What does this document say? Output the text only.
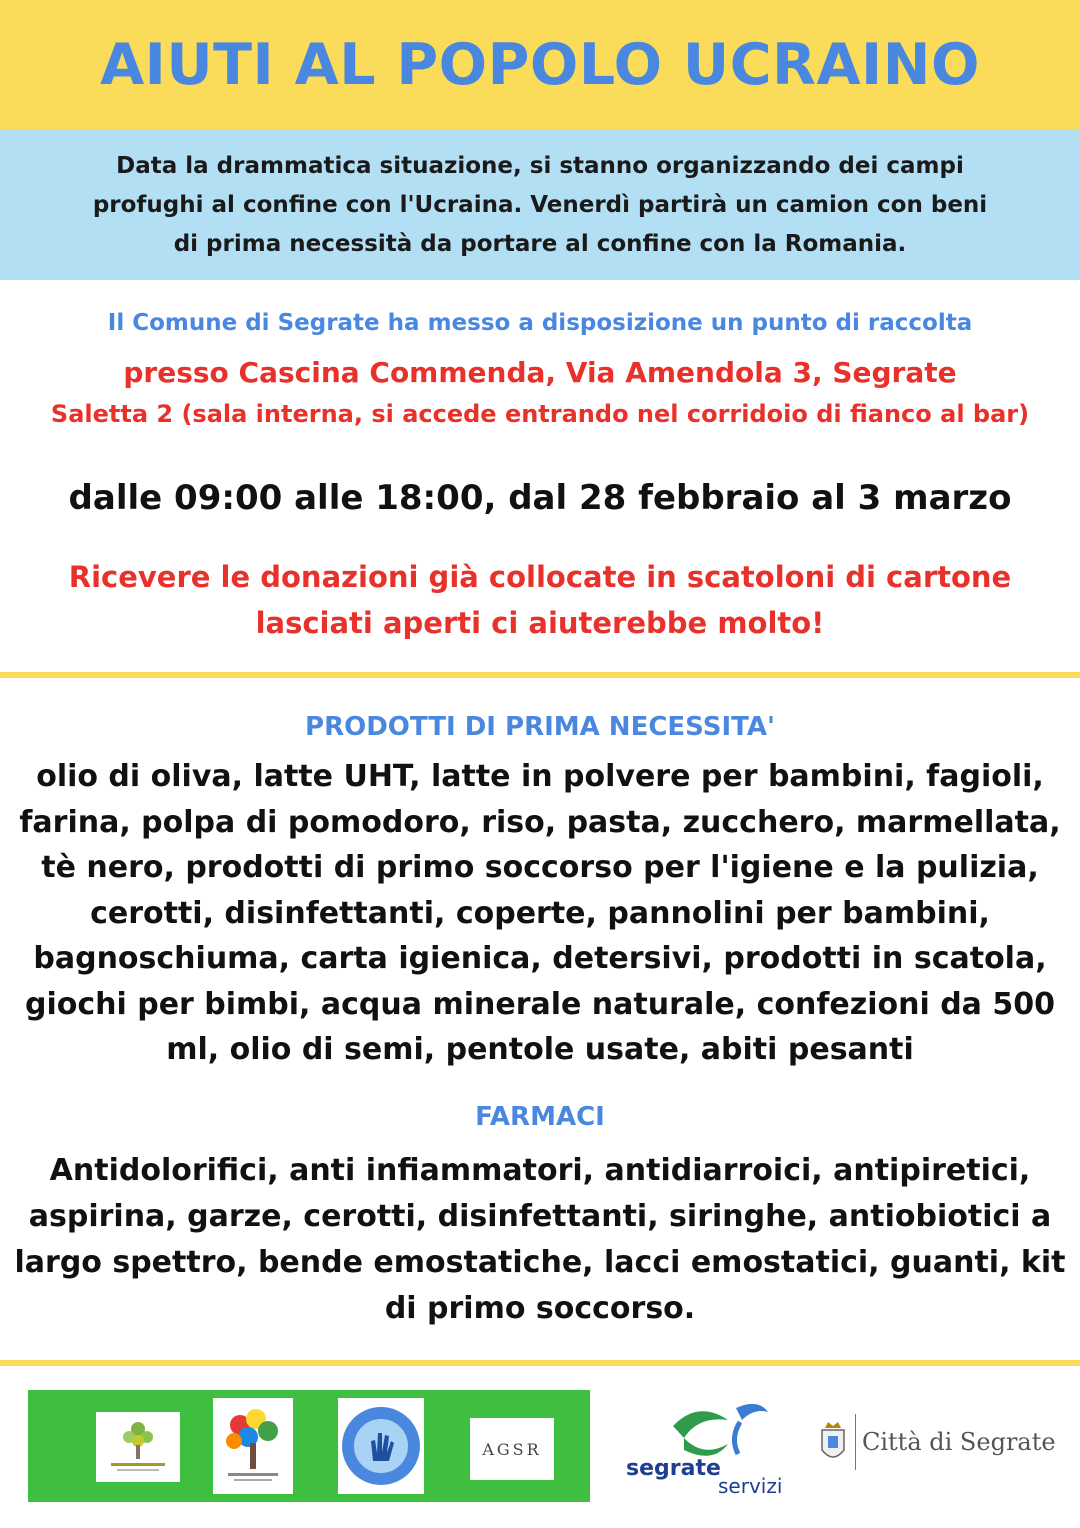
AIUTI AL POPOLO UCRAINO

Data la drammatica situazione, si stanno organizzando dei campi

profughi al confine con l'Ucraina. Venerdì partirà un camion con beni

di prima necessità da portare al confine con la Romania.

Il Comune di Segrate ha messo a disposizione un punto di raccolta

presso Cascina Commenda, Via Amendola 3, Segrate

Saletta 2 (sala interna, si accede entrando nel corridoio di fianco al bar)

dalle 09:00 alle 18:00, dal 28 febbraio al 3 marzo

Ricevere le donazioni già collocate in scatoloni di cartone

lasciati aperti ci aiuterebbe molto!

PRODOTTI DI PRIMA NECESSITA'

olio di oliva, latte UHT, latte in polvere per bambini, fagioli,
farina, polpa di pomodoro, riso, pasta, zucchero, marmellata,
tè nero, prodotti di primo soccorso per l'igiene e la pulizia,
cerotti, disinfettanti, coperte, pannolini per bambini,
bagnoschiuma, carta igienica, detersivi, prodotti in scatola,
giochi per bimbi, acqua minerale naturale, confezioni da 500
ml, olio di semi, pentole usate, abiti pesanti

FARMACI

Antidolorifici, anti infiammatori, antidiarroici, antipiretici,
aspirina, garze, cerotti, disinfettanti, siringhe, antiobiotici a
largo spettro, bende emostatiche, lacci emostatici, guanti, kit
di primo soccorso.
AGSR
segrate
servizi
Città di Segrate
